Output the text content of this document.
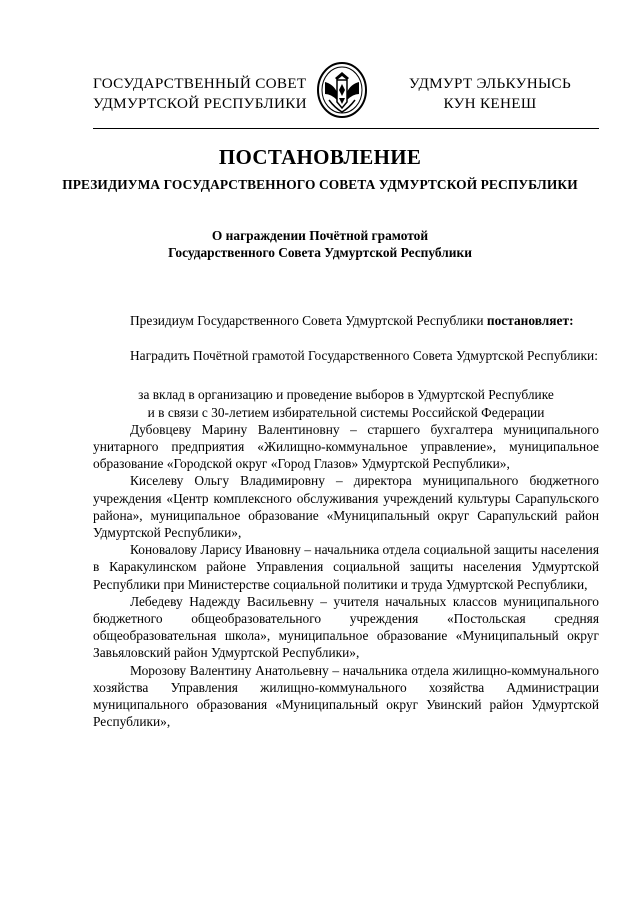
ГОСУДАРСТВЕННЫЙ СОВЕТ
УДМУРТСКОЙ РЕСПУБЛИКИ
УДМУРТ ЭЛЬКУНЫСЬ
КУН КЕНЕШ
ПОСТАНОВЛЕНИЕ
ПРЕЗИДИУМА ГОСУДАРСТВЕННОГО СОВЕТА УДМУРТСКОЙ РЕСПУБЛИКИ
О награждении Почётной грамотой
Государственного Совета Удмуртской Республики

Президиум Государственного Совета Удмуртской Республики постановляет:

Наградить Почётной грамотой Государственного Совета Удмуртской Республики:

за вклад в организацию и проведение выборов в Удмуртской Республике
и в связи с 30-летием избирательной системы Российской Федерации

Дубовцеву Марину Валентиновну – старшего бухгалтера муниципального унитарного предприятия «Жилищно-коммунальное управление», муниципальное образование «Городской округ «Город Глазов» Удмуртской Республики»,

Киселеву Ольгу Владимировну – директора муниципального бюджетного учреждения «Центр комплексного обслуживания учреждений культуры Сарапульского района», муниципальное образование «Муниципальный округ Сарапульский район Удмуртской Республики»,

Коновалову Ларису Ивановну – начальника отдела социальной защиты населения в Каракулинском районе Управления социальной защиты населения Удмуртской Республики при Министерстве социальной политики и труда Удмуртской Республики,

Лебедеву Надежду Васильевну – учителя начальных классов муниципального бюджетного общеобразовательного учреждения «Постольская средняя общеобразовательная школа», муниципальное образование «Муниципальный округ Завьяловский район Удмуртской Республики»,

Морозову Валентину Анатольевну – начальника отдела жилищно-коммунального хозяйства Управления жилищно-коммунального хозяйства Администрации муниципального образования «Муниципальный округ Увинский район Удмуртской Республики»,
